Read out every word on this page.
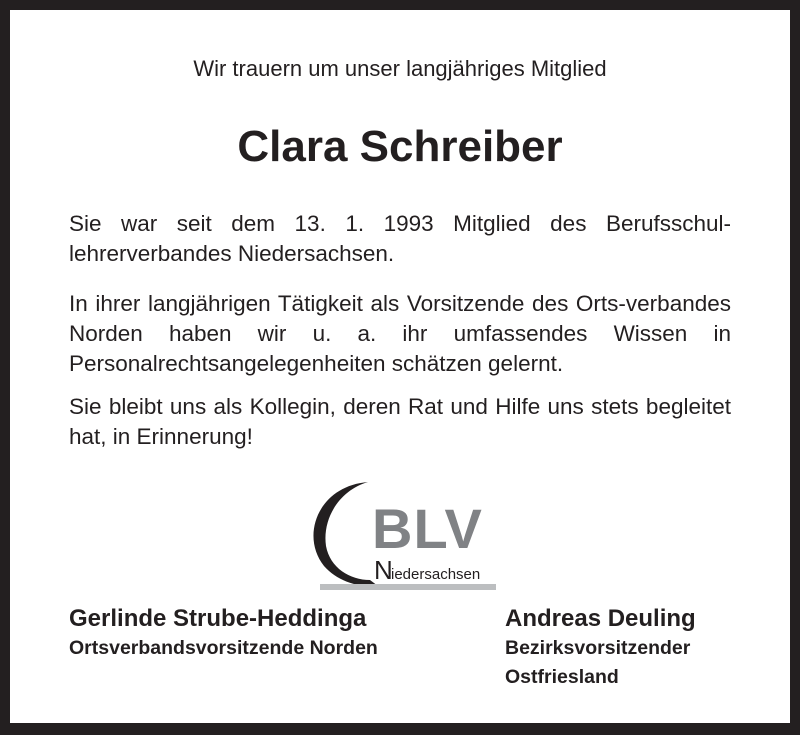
Wir trauern um unser langjähriges Mitglied
Clara Schreiber

Sie war seit dem 13. 1. 1993 Mitglied des Berufsschul-lehrerverbandes Niedersachsen.

In ihrer langjährigen Tätigkeit als Vorsitzende des Orts-verbandes Norden haben wir u. a. ihr umfassendes Wissen in Personalrechtsangelegenheiten schätzen gelernt.

Sie bleibt uns als Kollegin, deren Rat und Hilfe uns stets begleitet hat, in Erinnerung!

BLV
N
iedersachsen
Gerlinde Strube-Heddinga
Ortsverbandsvorsitzende Norden
Andreas Deuling
Bezirksvorsitzender
Ostfriesland
